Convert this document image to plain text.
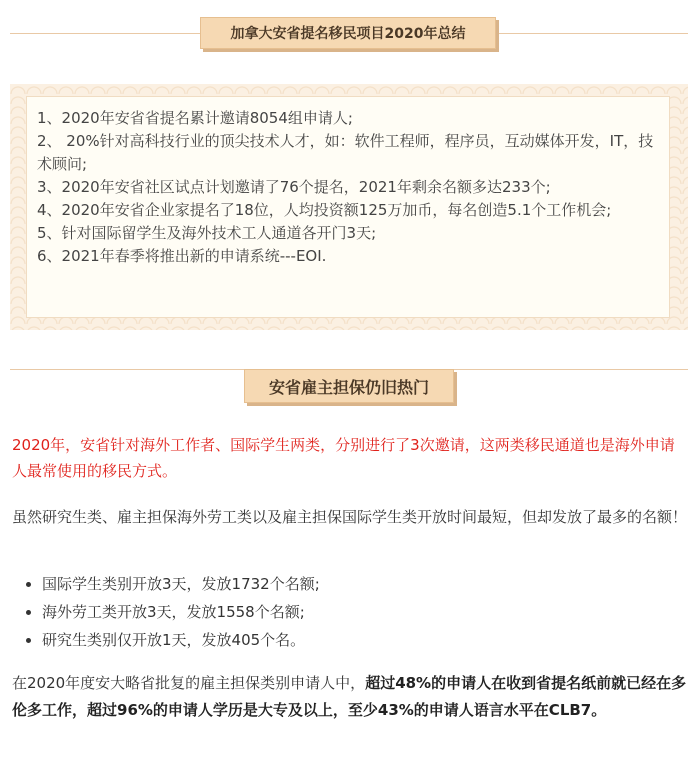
加拿大安省提名移民项目2020年总结

1、2020年安省省提名累计邀请8054组申请人;

2、 20%针对高科技行业的顶尖技术人才，如：软件工程师，程序员，互动媒体开发，IT，技术顾问;

3、2020年安省社区试点计划邀请了76个提名，2021年剩余名额多达233个;

4、2020年安省企业家提名了18位，人均投资额125万加币，每名创造5.1个工作机会;

5、针对国际留学生及海外技术工人通道各开门3天;

6、2021年春季将推出新的申请系统---EOI.

安省雇主担保仍旧热门

2020年，安省针对海外工作者、国际学生两类，分别进行了3次邀请，这两类移民通道也是海外申请人最常使用的移民方式。

虽然研究生类、雇主担保海外劳工类以及雇主担保国际学生类开放时间最短，但却发放了最多的名额！

• 国际学生类别开放3天，发放1732个名额;
• 海外劳工类开放3天，发放1558个名额;
• 研究生类别仅开放1天，发放405个名。

在2020年度安大略省批复的雇主担保类别申请人中，超过48%的申请人在收到省提名纸前就已经在多伦多工作，超过96%的申请人学历是大专及以上，至少43%的申请人语言水平在CLB7。
